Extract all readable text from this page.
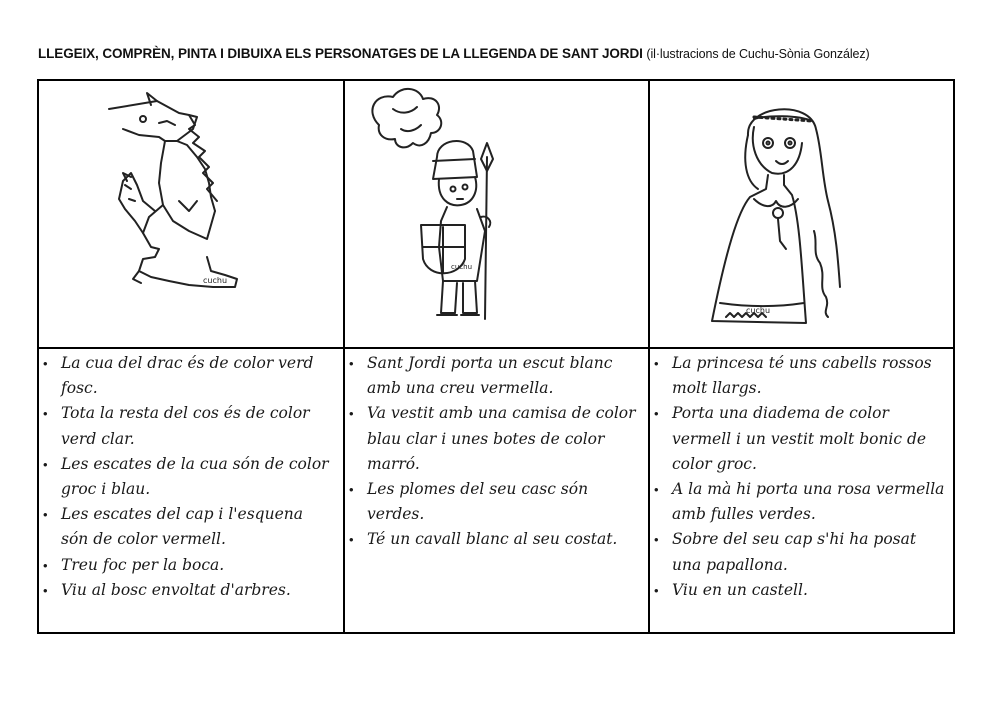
LLEGEIX, COMPRÈN, PINTA I DIBUIXA ELS PERSONATGES DE LA LLEGENDA DE SANT JORDI (il·lustracions de Cuchu-Sònia González)
cuchu
cuchu
cuchu
• La cua del drac és de color verd fosc.
• Tota la resta del cos és de color verd clar.
• Les escates de la cua són de color groc i blau.
• Les escates del cap i l'esquena són de color vermell.
• Treu foc per la boca.
• Viu al bosc envoltat d'arbres.
• Sant Jordi porta un escut blanc amb una creu vermella.
• Va vestit amb una camisa de color blau clar i unes botes de color marró.
• Les plomes del seu casc són verdes.
• Té un cavall blanc al seu costat.
• La princesa té uns cabells rossos molt llargs.
• Porta una diadema de color vermell i un vestit molt bonic de color groc.
• A la mà hi porta una rosa vermella amb fulles verdes.
• Sobre del seu cap s'hi ha posat una papallona.
• Viu en un castell.
